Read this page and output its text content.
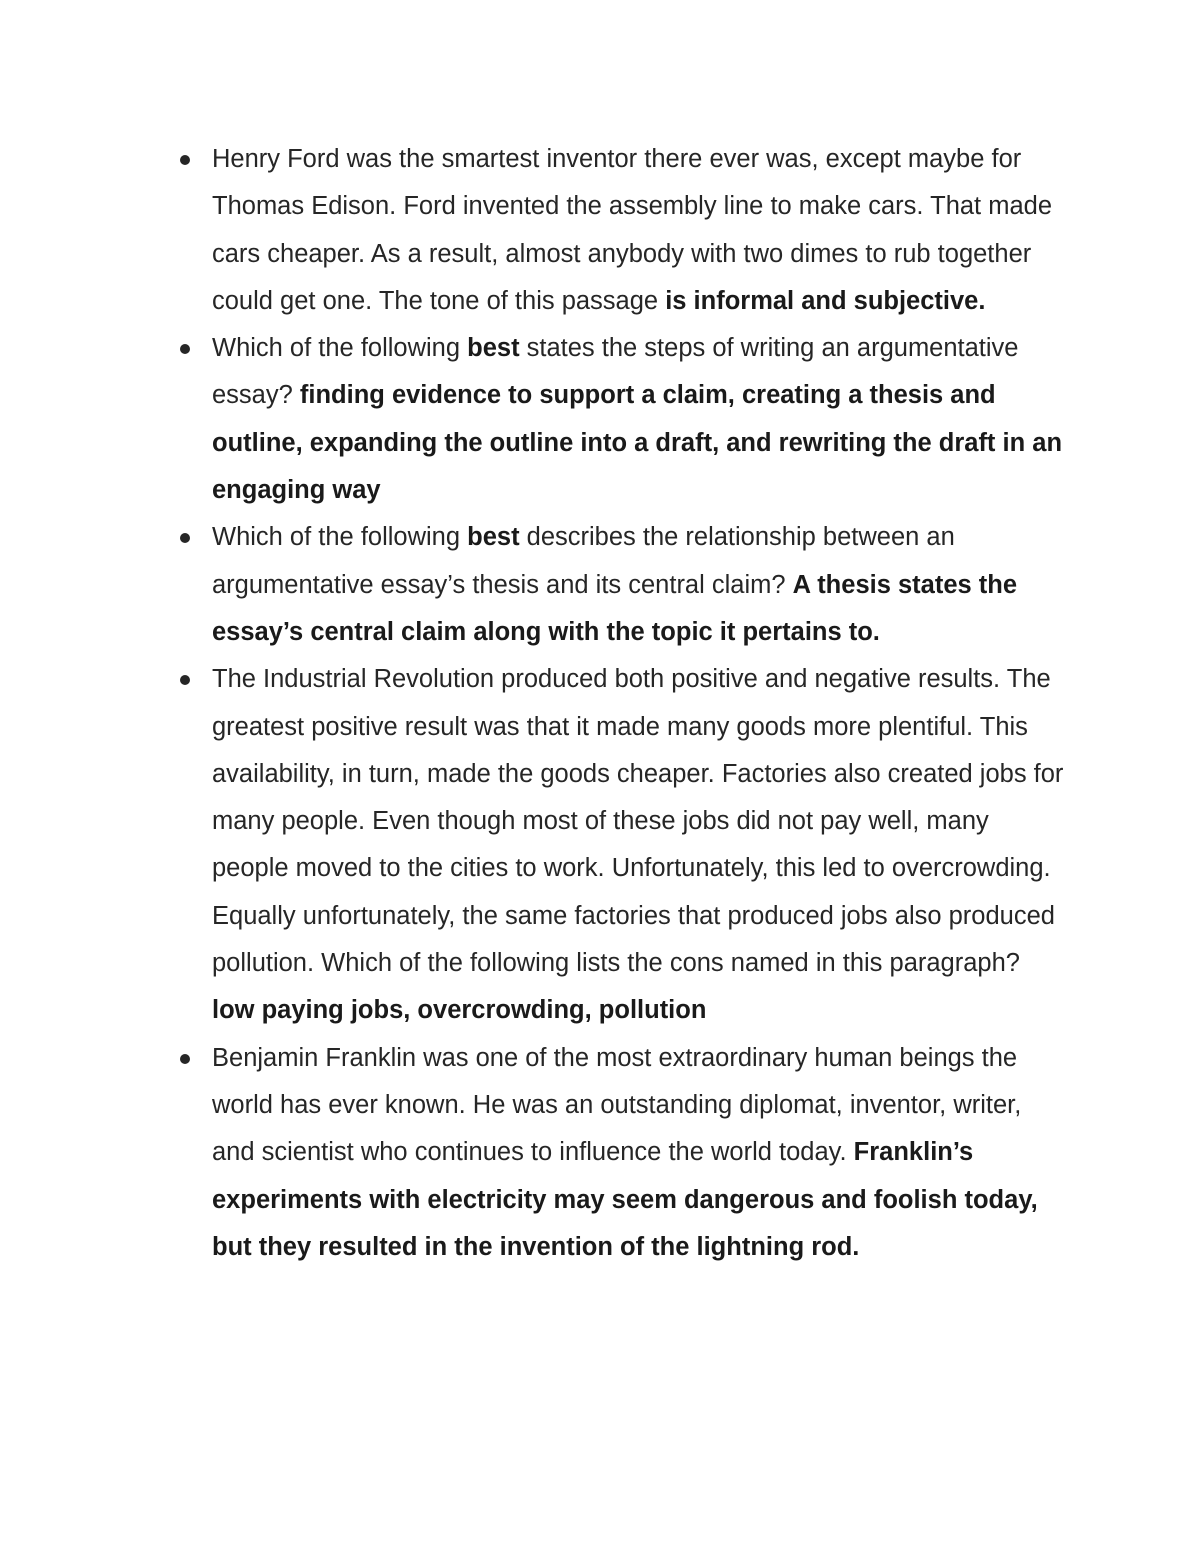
Henry Ford was the smartest inventor there ever was, except maybe for Thomas Edison. Ford invented the assembly line to make cars. That made cars cheaper. As a result, almost anybody with two dimes to rub together could get one. The tone of this passage is informal and subjective.
Which of the following best states the steps of writing an argumentative essay? finding evidence to support a claim, creating a thesis and outline, expanding the outline into a draft, and rewriting the draft in an engaging way
Which of the following best describes the relationship between an argumentative essay’s thesis and its central claim? A thesis states the essay’s central claim along with the topic it pertains to.
The Industrial Revolution produced both positive and negative results. The greatest positive result was that it made many goods more plentiful. This availability, in turn, made the goods cheaper. Factories also created jobs for many people. Even though most of these jobs did not pay well, many people moved to the cities to work. Unfortunately, this led to overcrowding. Equally unfortunately, the same factories that produced jobs also produced pollution. Which of the following lists the cons named in this paragraph? low paying jobs, overcrowding, pollution
Benjamin Franklin was one of the most extraordinary human beings the world has ever known. He was an outstanding diplomat, inventor, writer, and scientist who continues to influence the world today. Franklin’s experiments with electricity may seem dangerous and foolish today, but they resulted in the invention of the lightning rod.
